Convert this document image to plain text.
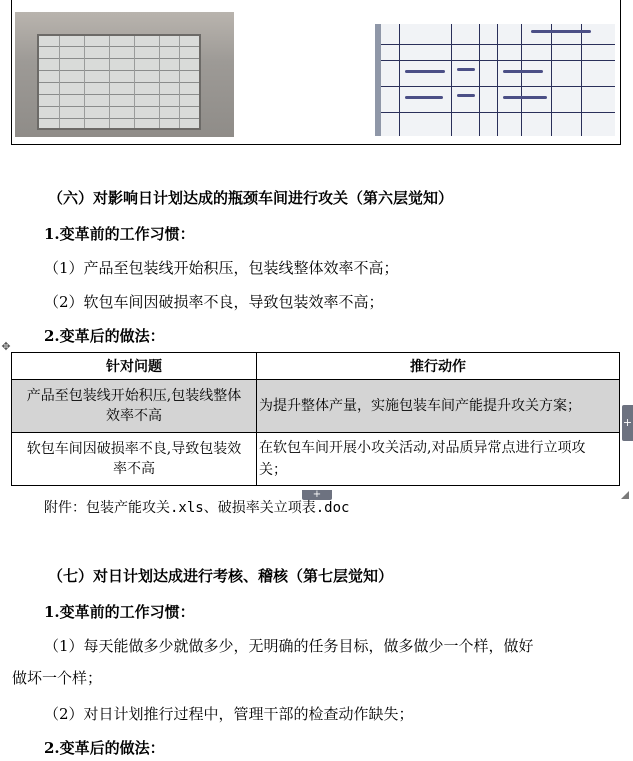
（六）对影响日计划达成的瓶颈车间进行攻关（第六层觉知）
1.变革前的工作习惯：
（1）产品至包装线开始积压，包装线整体效率不高；
（2）软包车间因破损率不良，导致包装效率不高；
2.变革后的做法：
✥
针对问题	推行动作
产品至包装线开始积压,包装线整体
效率不高	为提升整体产量，实施包装车间产能提升攻关方案；
软包车间因破损率不良,导致包装效
率不高	在软包车间开展小攻关活动,对品质异常点进行立项攻
关；
+
+
附件：包装产能攻关.xls、破损率关立项表.doc
（七）对日计划达成进行考核、稽核（第七层觉知）
1.变革前的工作习惯：
（1）每天能做多少就做多少，无明确的任务目标，做多做少一个样，做好
做坏一个样；
（2）对日计划推行过程中，管理干部的检查动作缺失；
2.变革后的做法：
